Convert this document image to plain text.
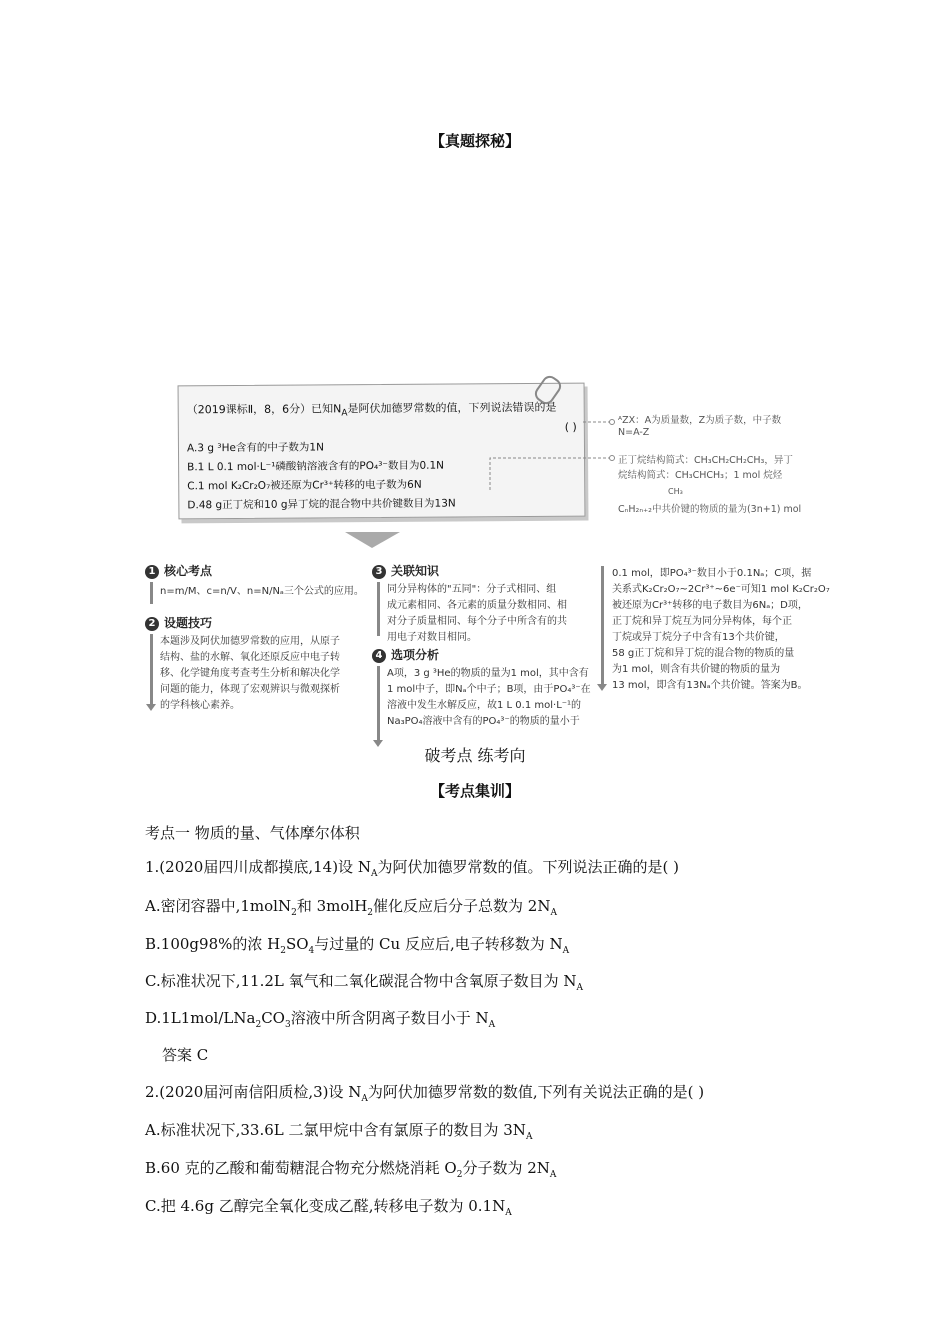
【真题探秘】
（2019课标Ⅱ，8，6分）已知$N_A$是阿伏加德罗常数的值，下列说法错误的是
( )
A.3 g ³He含有的中子数为1N
B.1 L 0.1 mol·L⁻¹磷酸钠溶液含有的PO₄³⁻数目为0.1N
C.1 mol K₂Cr₂O₇被还原为Cr³⁺转移的电子数为6N
D.48 g正丁烷和10 g异丁烷的混合物中共价键数目为13N
ᴬZX：A为质量数，Z为质子数，中子数
N=A-Z
正丁烷结构简式：CH₃CH₂CH₂CH₃，异丁
烷结构简式：CH₃CHCH₃；1 mol 烷烃
CH₃
CₙH₂ₙ₊₂中共价键的物质的量为(3n+1) mol
1 核心考点
n=m/M、c=n/V、n=N/Nₐ三个公式的应用。
2 设题技巧
本题涉及阿伏加德罗常数的应用，从原子
结构、盐的水解、氧化还原反应中电子转
移、化学键角度考查考生分析和解决化学
问题的能力，体现了宏观辨识与微观探析
的学科核心素养。
3 关联知识
同分异构体的"五同"：分子式相同、组
成元素相同、各元素的质量分数相同、相
对分子质量相同、每个分子中所含有的共
用电子对数目相同。
4 选项分析
A项，3 g ³He的物质的量为1 mol，其中含有
1 mol中子，即Nₐ个中子；B项，由于PO₄³⁻在
溶液中发生水解反应，故1 L 0.1 mol·L⁻¹的
Na₃PO₄溶液中含有的PO₄³⁻的物质的量小于
0.1 mol，即PO₄³⁻数目小于0.1Nₐ；C项，据
关系式K₂Cr₂O₇~2Cr³⁺~6e⁻可知1 mol K₂Cr₂O₇
被还原为Cr³⁺转移的电子数目为6Nₐ；D项，
正丁烷和异丁烷互为同分异构体，每个正
丁烷或异丁烷分子中含有13个共价键，
58 g正丁烷和异丁烷的混合物的物质的量
为1 mol，则含有共价键的物质的量为
13 mol，即含有13Nₐ个共价键。答案为B。
破考点 练考向
【考点集训】
考点一 物质的量、气体摩尔体积
1.(2020届四川成都摸底,14)设 $N_A$为阿伏加德罗常数的值。下列说法正确的是( )
A.密闭容器中,1molN$_2$和 3molH$_2$催化反应后分子总数为 $2N_A$
B.100g98%的浓 $H_2SO_4$与过量的 Cu 反应后,电子转移数为 $N_A$
C.标准状况下,11.2L 氧气和二氧化碳混合物中含氧原子数目为 $N_A$
$D.1L1mol/LNa_2CO_3$溶液中所含阴离子数目小于 $N_A$
答案 C
2.(2020届河南信阳质检,3)设 $N_A$为阿伏加德罗常数的数值,下列有关说法正确的是( )
A.标准状况下,33.6L 二氯甲烷中含有氯原子的数目为 $3N_A$
B.60 克的乙酸和葡萄糖混合物充分燃烧消耗 $O_2$分子数为 $2N_A$
C.把 4.6g 乙醇完全氧化变成乙醛,转移电子数为 $0.1N_A$
